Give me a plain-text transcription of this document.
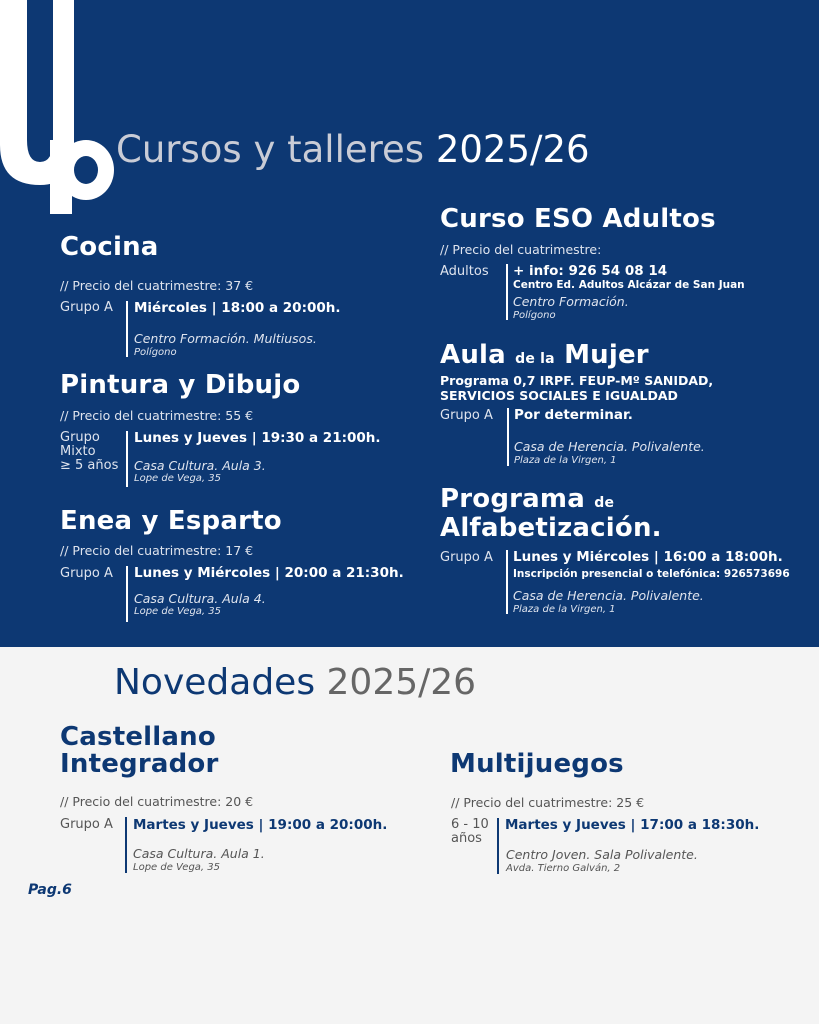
Cursos y talleres 2025/26
Cocina
// Precio del cuatrimestre: 37 €
Grupo A Miércoles | 18:00 a 20:00h.
Centro Formación. Multiusos.
Polígono
Pintura y Dibujo
// Precio del cuatrimestre: 55 €
Grupo
Mixto
≥ 5 años
Lunes y Jueves | 19:30 a 21:00h.
Casa Cultura. Aula 3.
Lope de Vega, 35
Enea y Esparto
// Precio del cuatrimestre: 17 €
Grupo A Lunes y Miércoles | 20:00 a 21:30h.
Casa Cultura. Aula 4.
Lope de Vega, 35
Curso ESO Adultos
// Precio del cuatrimestre:
Adultos + info: 926 54 08 14
Centro Ed. Adultos Alcázar de San Juan
Centro Formación.
Polígono
Aula de la Mujer
Programa 0,7 IRPF. FEUP-Mº SANIDAD,
SERVICIOS SOCIALES E IGUALDAD
Grupo A Por determinar.
Casa de Herencia. Polivalente.
Plaza de la Virgen, 1
Programa de
Alfabetización.
Grupo A Lunes y Miércoles | 16:00 a 18:00h.
Inscripción presencial o telefónica: 926573696
Casa de Herencia. Polivalente.
Plaza de la Virgen, 1
Novedades 2025/26
Castellano
Integrador
// Precio del cuatrimestre: 20 €
Grupo A Martes y Jueves | 19:00 a 20:00h.
Casa Cultura. Aula 1.
Lope de Vega, 35
Multijuegos
// Precio del cuatrimestre: 25 €
6 - 10
años
Martes y Jueves | 17:00 a 18:30h.
Centro Joven. Sala Polivalente.
Avda. Tierno Galván, 2
Pag.6
